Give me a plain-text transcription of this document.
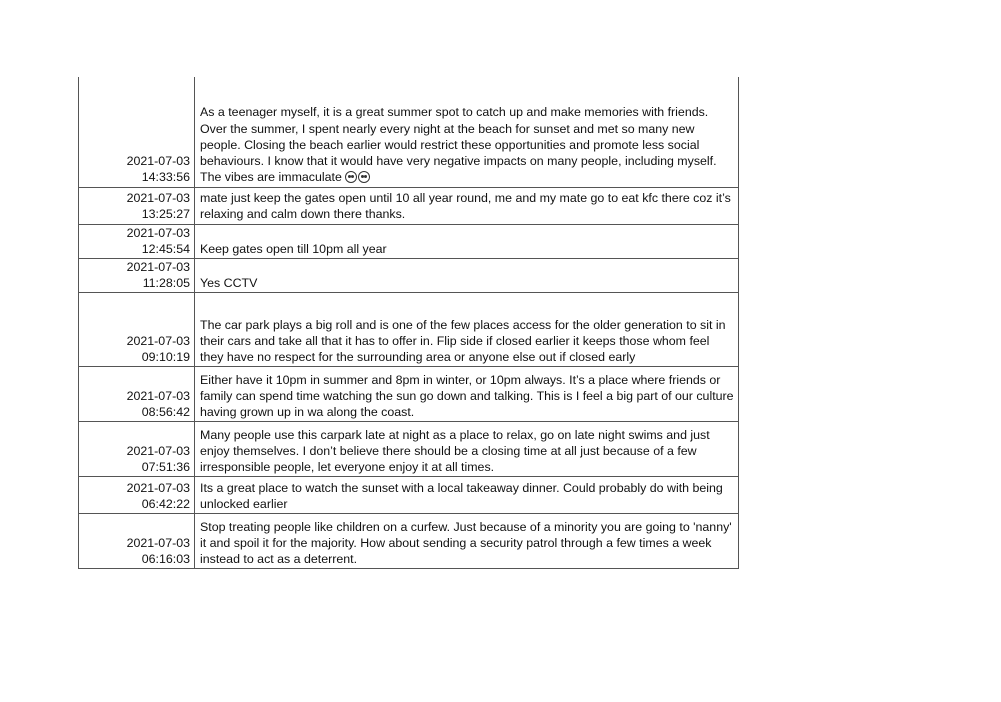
2021-07-03
14:33:56	As a teenager myself, it is a great summer spot to catch up and make memories with friends. Over the summer, I spent nearly every night at the beach for sunset and met so many new people. Closing the beach earlier would restrict these opportunities and promote less social behaviours. I know that it would have very negative impacts on many people, including myself. The vibes are immaculate

2021-07-03
13:25:27	mate just keep the gates open until 10 all year round, me and my mate go to eat kfc there coz it’s relaxing and calm down there thanks.

2021-07-03
12:45:54	Keep gates open till 10pm all year

2021-07-03
11:28:05	Yes CCTV

2021-07-03
09:10:19	The car park plays a big roll and is one of the few places access for the older generation to sit in their cars and take all that it has to offer in. Flip side if closed earlier it keeps those whom feel they have no respect for the surrounding area or anyone else out if closed early

2021-07-03
08:56:42	Either have it 10pm in summer and 8pm in winter, or 10pm always. It’s a place where friends or family can spend time watching the sun go down and talking. This is I feel a big part of our culture having grown up in wa along the coast.

2021-07-03
07:51:36	Many people use this carpark late at night as a place to relax, go on late night swims and just enjoy themselves. I don’t believe there should be a closing time at all just because of a few irresponsible people, let everyone enjoy it at all times.

2021-07-03
06:42:22	Its a great place to watch the sunset with a local takeaway dinner. Could probably do with being unlocked earlier

2021-07-03
06:16:03	Stop treating people like children on a curfew. Just because of a minority you are going to 'nanny' it and spoil it for the majority. How about sending a security patrol through a few times a week instead to act as a deterrent.
